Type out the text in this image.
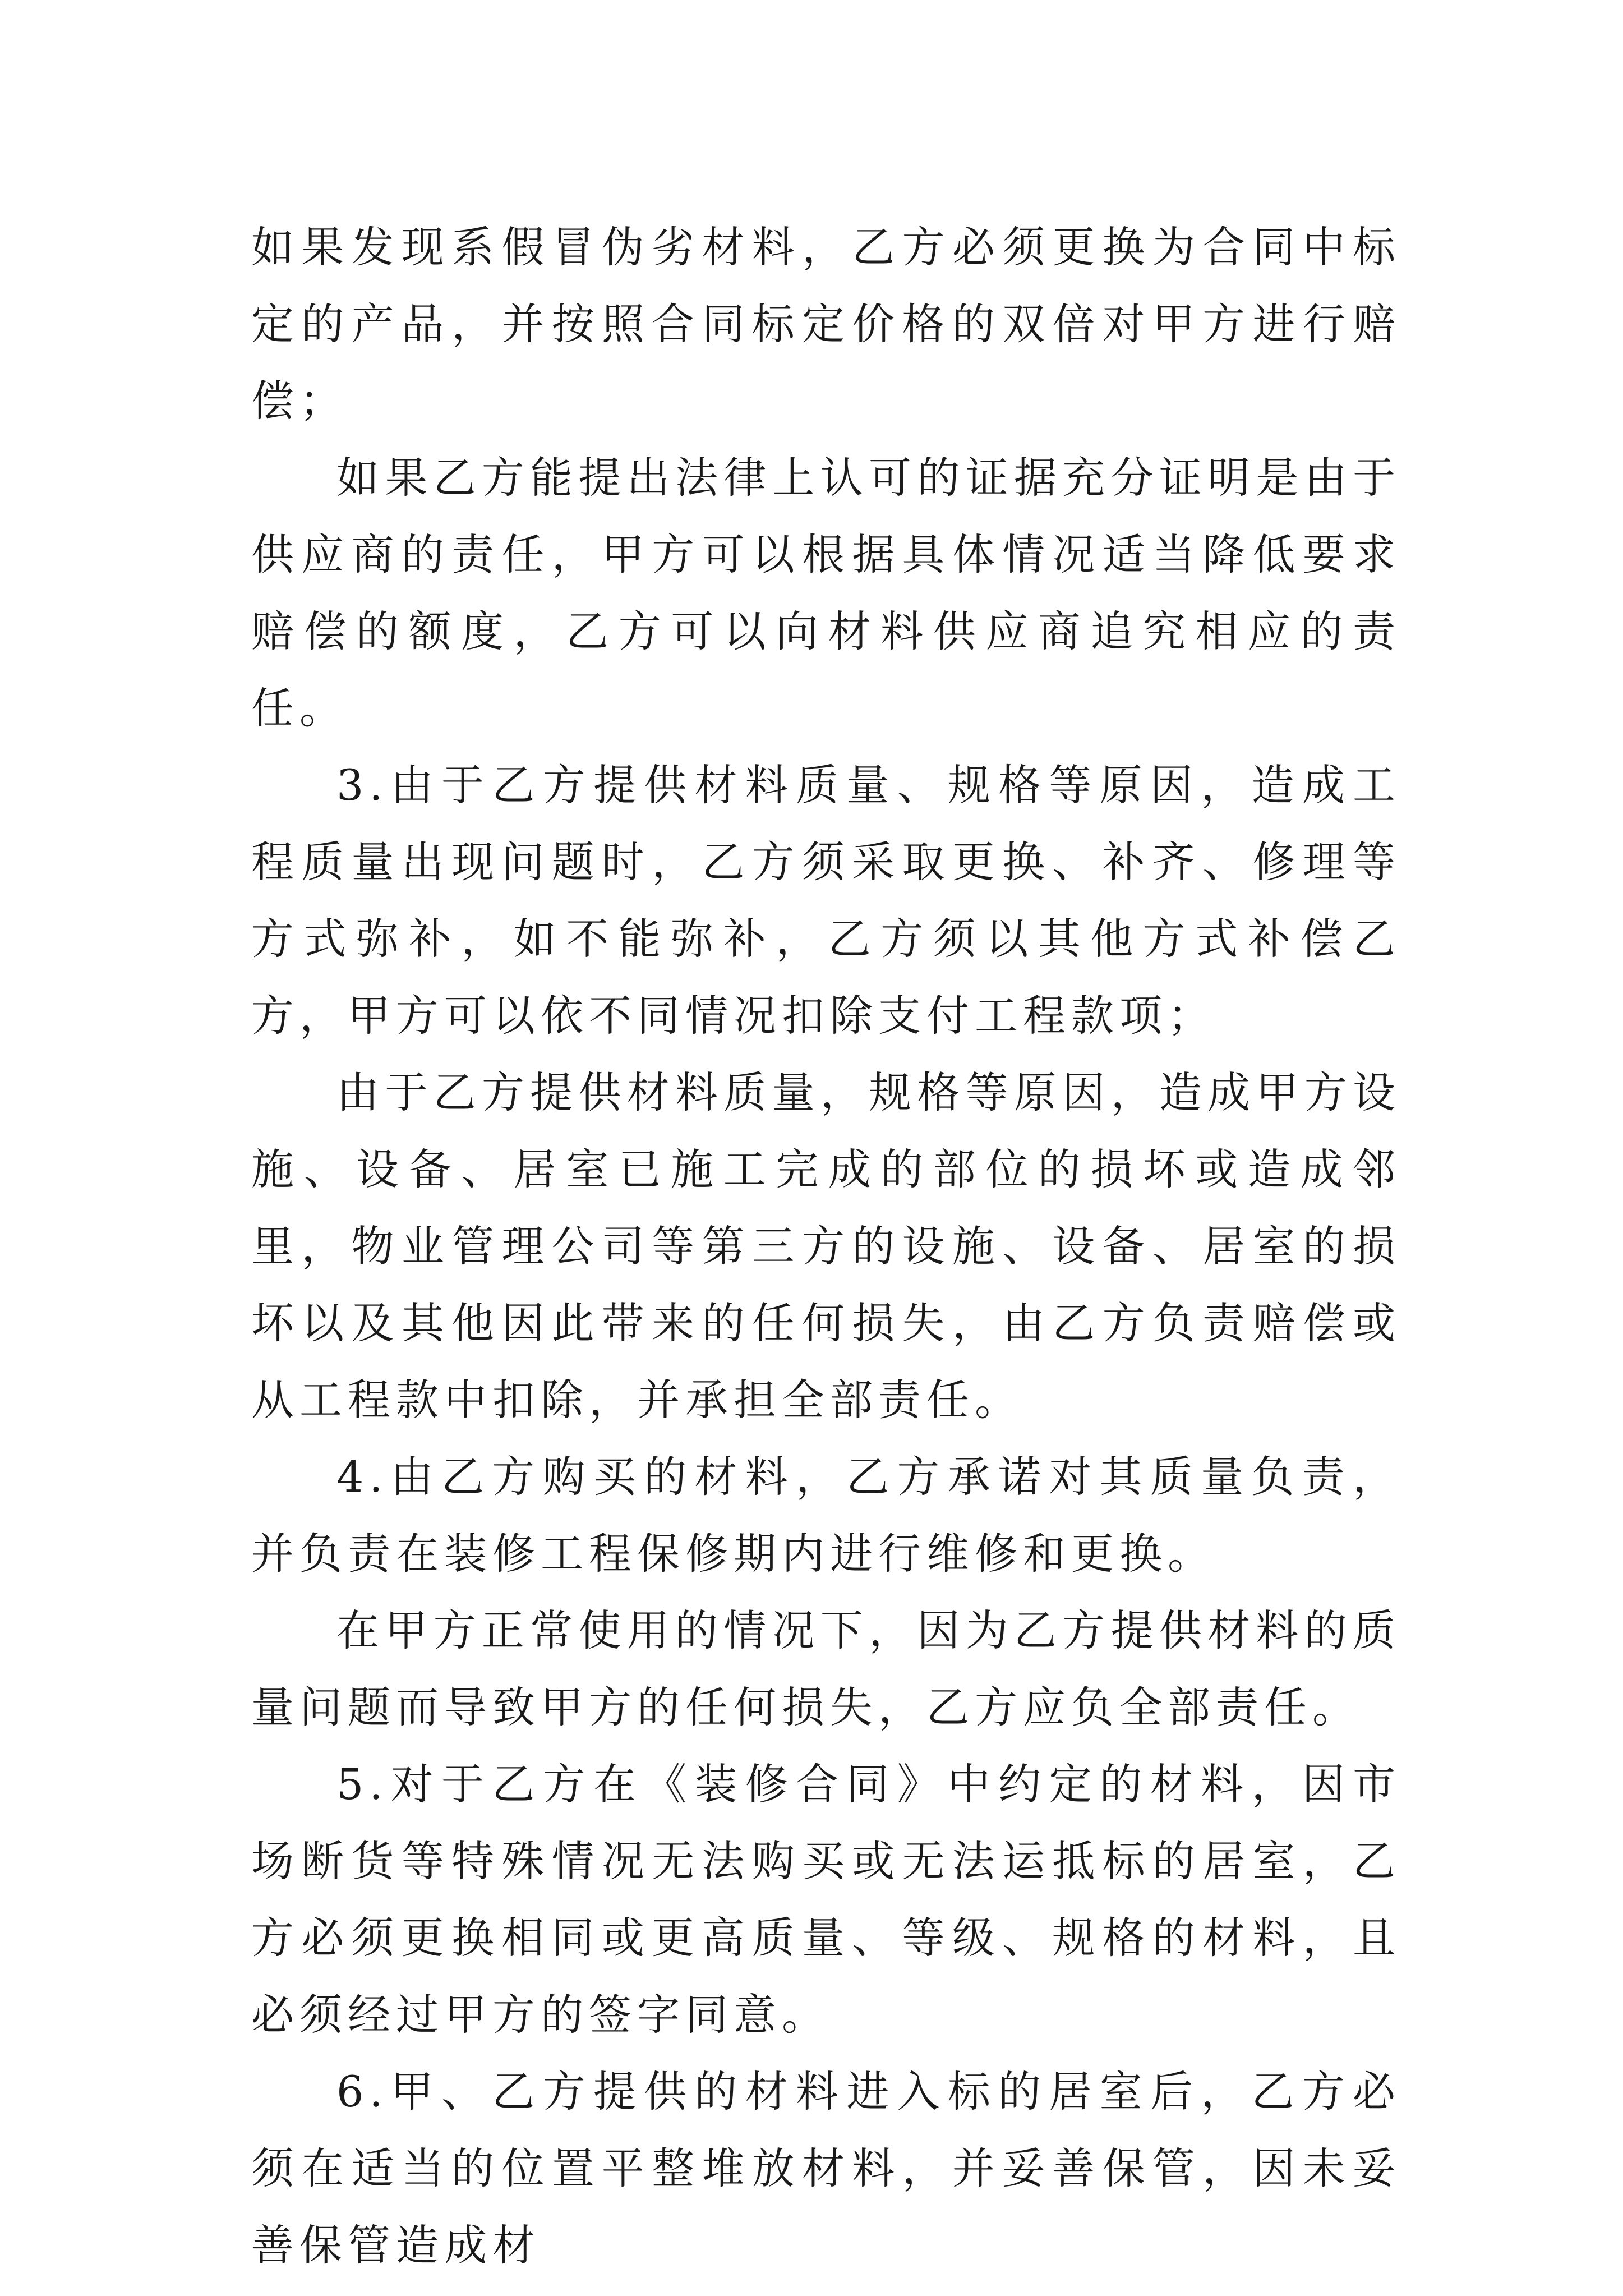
如果发现系假冒伪劣材料，乙方必须更换为合同中标定的产品，并按照合同标定价格的双倍对甲方进行赔偿；

如果乙方能提出法律上认可的证据充分证明是由于供应商的责任，甲方可以根据具体情况适当降低要求赔偿的额度，乙方可以向材料供应商追究相应的责任。

3.由于乙方提供材料质量、规格等原因，造成工程质量出现问题时，乙方须采取更换、补齐、修理等方式弥补，如不能弥补，乙方须以其他方式补偿乙方，甲方可以依不同情况扣除支付工程款项；

由于乙方提供材料质量，规格等原因，造成甲方设施、设备、居室已施工完成的部位的损坏或造成邻里，物业管理公司等第三方的设施、设备、居室的损坏以及其他因此带来的任何损失，由乙方负责赔偿或从工程款中扣除，并承担全部责任。

4.由乙方购买的材料，乙方承诺对其质量负责，并负责在装修工程保修期内进行维修和更换。

在甲方正常使用的情况下，因为乙方提供材料的质量问题而导致甲方的任何损失，乙方应负全部责任。

5.对于乙方在《装修合同》中约定的材料，因市场断货等特殊情况无法购买或无法运抵标的居室，乙方必须更换相同或更高质量、等级、规格的材料，且必须经过甲方的签字同意。

6.甲、乙方提供的材料进入标的居室后，乙方必须在适当的位置平整堆放材料，并妥善保管，因未妥善保管造成材
